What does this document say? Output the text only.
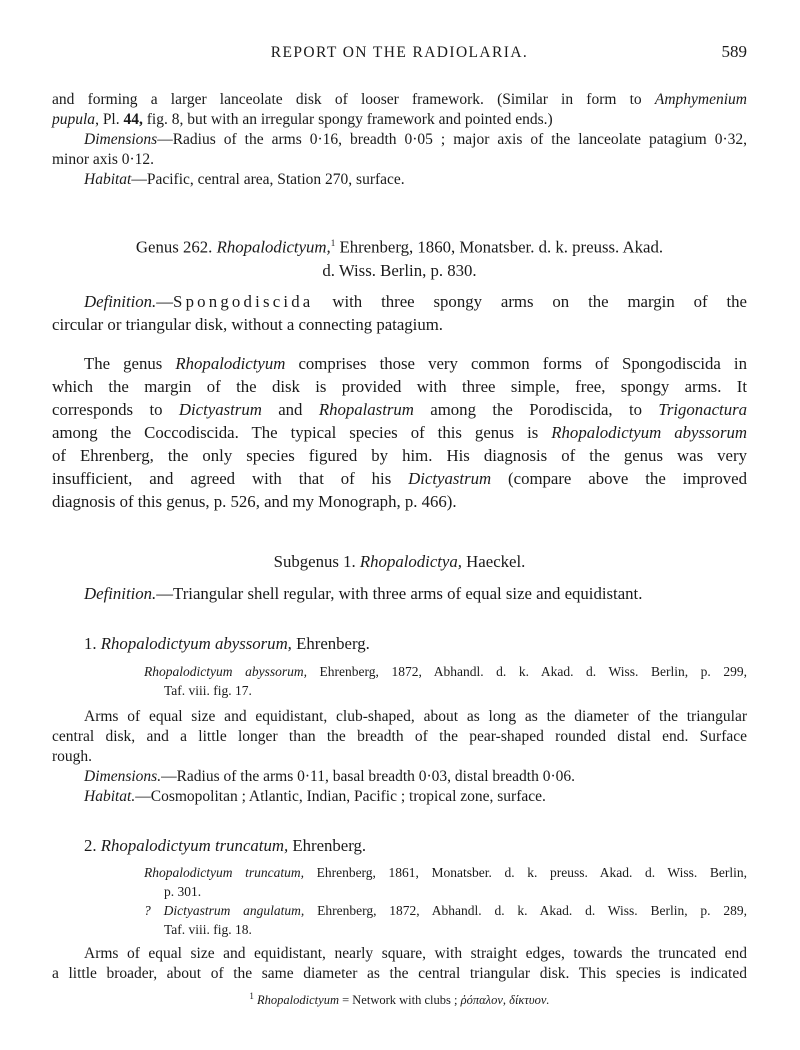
REPORT ON THE RADIOLARIA.	589
and forming a larger lanceolate disk of looser framework. (Similar in form to Amphymenium
pupula, Pl. 44, fig. 8, but with an irregular spongy framework and pointed ends.)
Dimensions—Radius of the arms 0·16, breadth 0·05 ; major axis of the lanceolate patagium 0·32,
minor axis 0·12.
Habitat—Pacific, central area, Station 270, surface.
Genus 262. Rhopalodictyum,$^1$ Ehrenberg, 1860, Monatsber. d. k. preuss. Akad.
d. Wiss. Berlin, p. 830.
Definition.—Spongodiscida with three spongy arms on the margin of the
circular or triangular disk, without a connecting patagium.
The genus Rhopalodictyum comprises those very common forms of Spongodiscida in
which the margin of the disk is provided with three simple, free, spongy arms. It
corresponds to Dictyastrum and Rhopalastrum among the Porodiscida, to Trigonactura
among the Coccodiscida. The typical species of this genus is Rhopalodictyum abyssorum
of Ehrenberg, the only species figured by him. His diagnosis of the genus was very
insufficient, and agreed with that of his Dictyastrum (compare above the improved
diagnosis of this genus, p. 526, and my Monograph, p. 466).
Subgenus 1. Rhopalodictya, Haeckel.
Definition.—Triangular shell regular, with three arms of equal size and equidistant.
1. Rhopalodictyum abyssorum, Ehrenberg.
Rhopalodictyum abyssorum, Ehrenberg, 1872, Abhandl. d. k. Akad. d. Wiss. Berlin, p. 299,
Taf. viii. fig. 17.
Arms of equal size and equidistant, club-shaped, about as long as the diameter of the triangular
central disk, and a little longer than the breadth of the pear-shaped rounded distal end. Surface
rough.
Dimensions.—Radius of the arms 0·11, basal breadth 0·03, distal breadth 0·06.
Habitat.—Cosmopolitan ; Atlantic, Indian, Pacific ; tropical zone, surface.
2. Rhopalodictyum truncatum, Ehrenberg.
Rhopalodictyum truncatum, Ehrenberg, 1861, Monatsber. d. k. preuss. Akad. d. Wiss. Berlin,
p. 301.
? Dictyastrum angulatum, Ehrenberg, 1872, Abhandl. d. k. Akad. d. Wiss. Berlin, p. 289,
Taf. viii. fig. 18.
Arms of equal size and equidistant, nearly square, with straight edges, towards the truncated end
a little broader, about of the same diameter as the central triangular disk. This species is indicated
$^1$ Rhopalodictyum = Network with clubs ; ῥόπαλον, δίκτυον.
